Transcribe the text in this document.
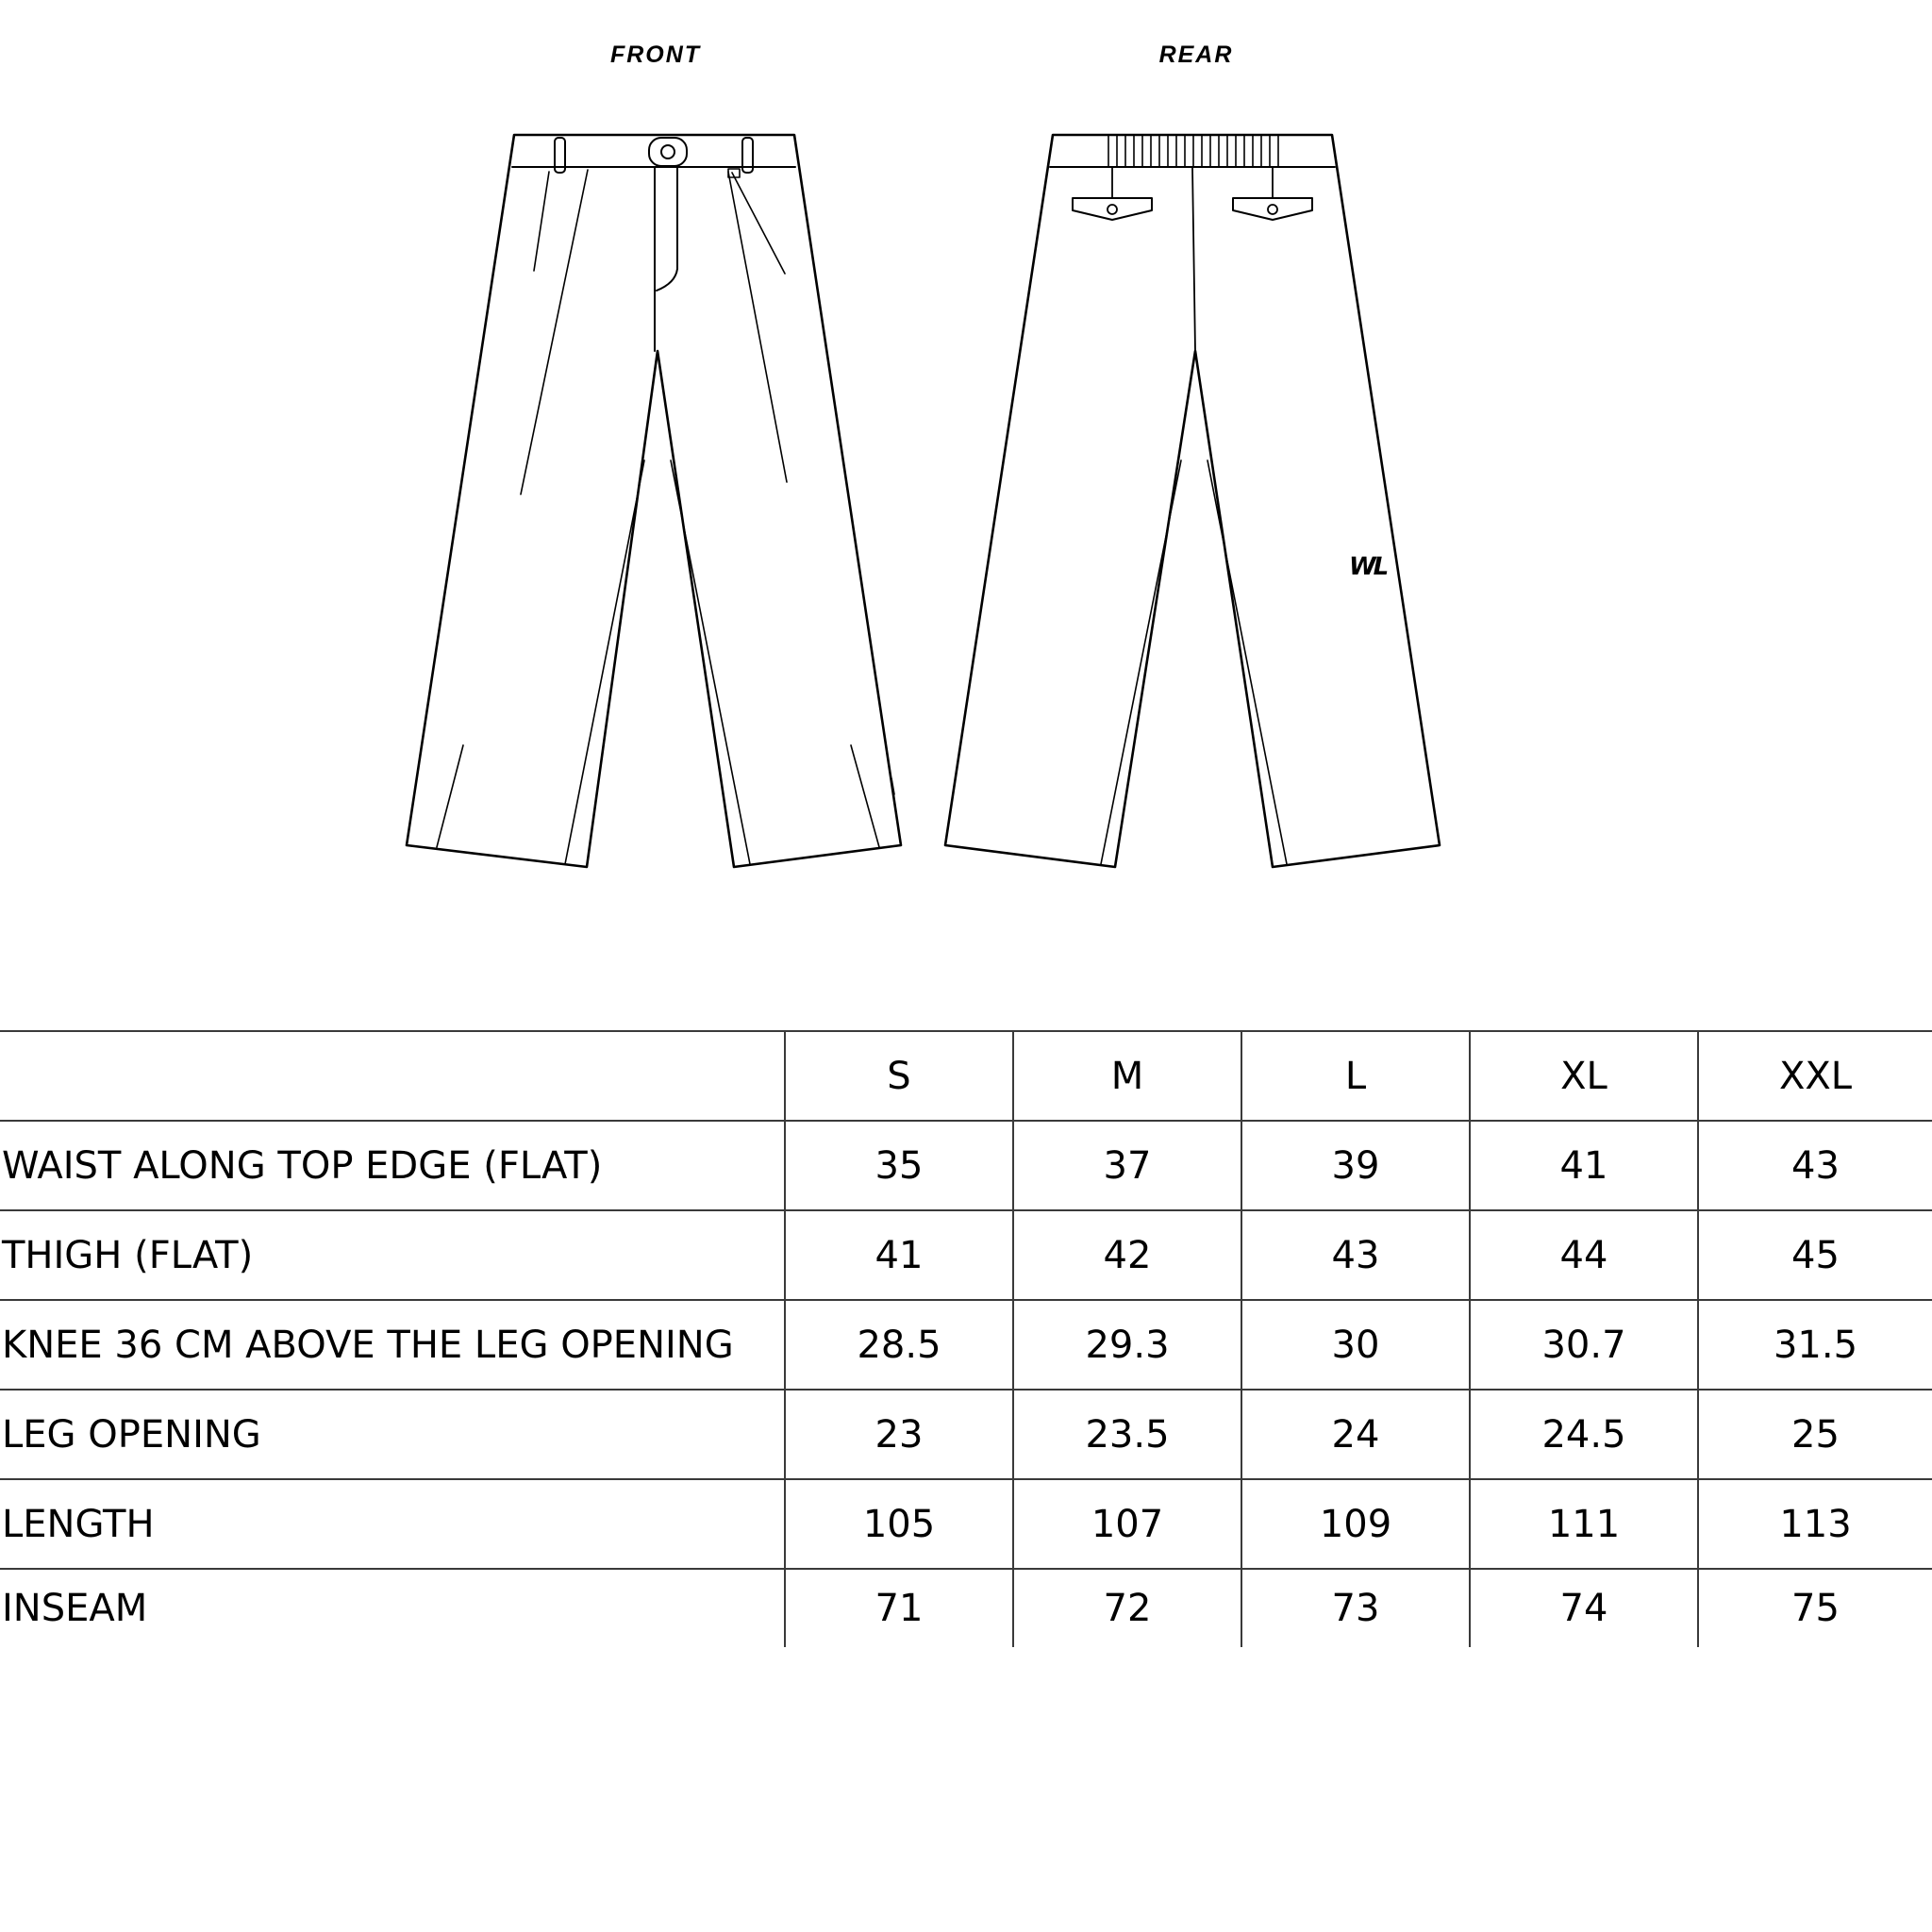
FRONT	REAR
WL
	S	M	L	XL	XXL
WAIST ALONG TOP EDGE (FLAT)	35	37	39	41	43
THIGH (FLAT)	41	42	43	44	45
KNEE 36 CM ABOVE THE LEG OPENING	28.5	29.3	30	30.7	31.5
LEG OPENING	23	23.5	24	24.5	25
LENGTH	105	107	109	111	113
INSEAM	71	72	73	74	75
